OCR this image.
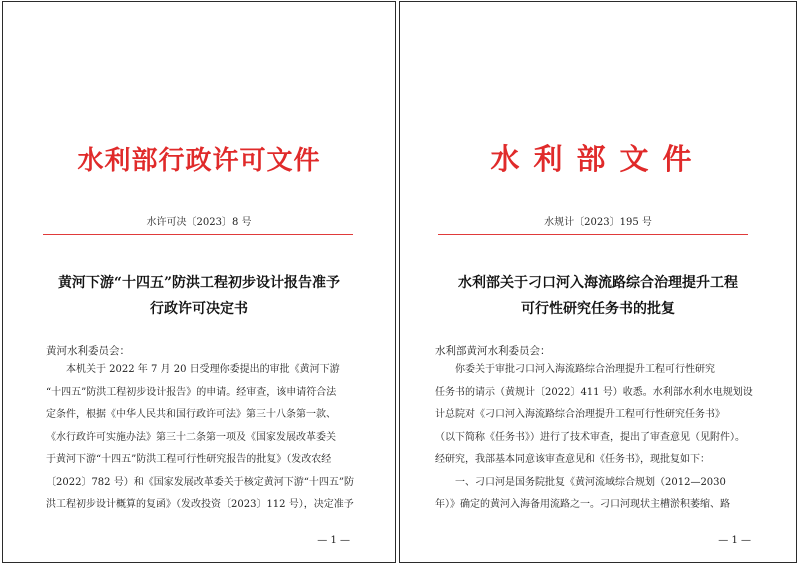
水利部行政许可文件
水许可决〔2023〕8 号
黄河下游“十四五”防洪工程初步设计报告准予
行政许可决定书
黄河水利委员会：
　　本机关于 2022 年 7 月 20 日受理你委提出的审批《黄河下游
“十四五”防洪工程初步设计报告》的申请。经审查，该申请符合法
定条件，根据《中华人民共和国行政许可法》第三十八条第一款、
《水行政许可实施办法》第三十二条第一项及《国家发展改革委关
于黄河下游“十四五”防洪工程可行性研究报告的批复》（发改农经
〔2022〕782 号）和《国家发展改革委关于核定黄河下游“十四五”防
洪工程初步设计概算的复函》（发改投资〔2023〕112 号），决定准予
— 1 —
水利部文件
水规计〔2023〕195 号
水利部关于刁口河入海流路综合治理提升工程
可行性研究任务书的批复
水利部黄河水利委员会：
　　你委关于审批刁口河入海流路综合治理提升工程可行性研究
任务书的请示（黄规计〔2022〕411 号）收悉。水利部水利水电规划设
计总院对《刁口河入海流路综合治理提升工程可行性研究任务书》
（以下简称《任务书》）进行了技术审查，提出了审查意见（见附件）。
经研究，我部基本同意该审查意见和《任务书》，现批复如下：
　　一、刁口河是国务院批复《黄河流域综合规划（2012—2030
年）》确定的黄河入海备用流路之一。刁口河现状主槽淤积萎缩、路
— 1 —
